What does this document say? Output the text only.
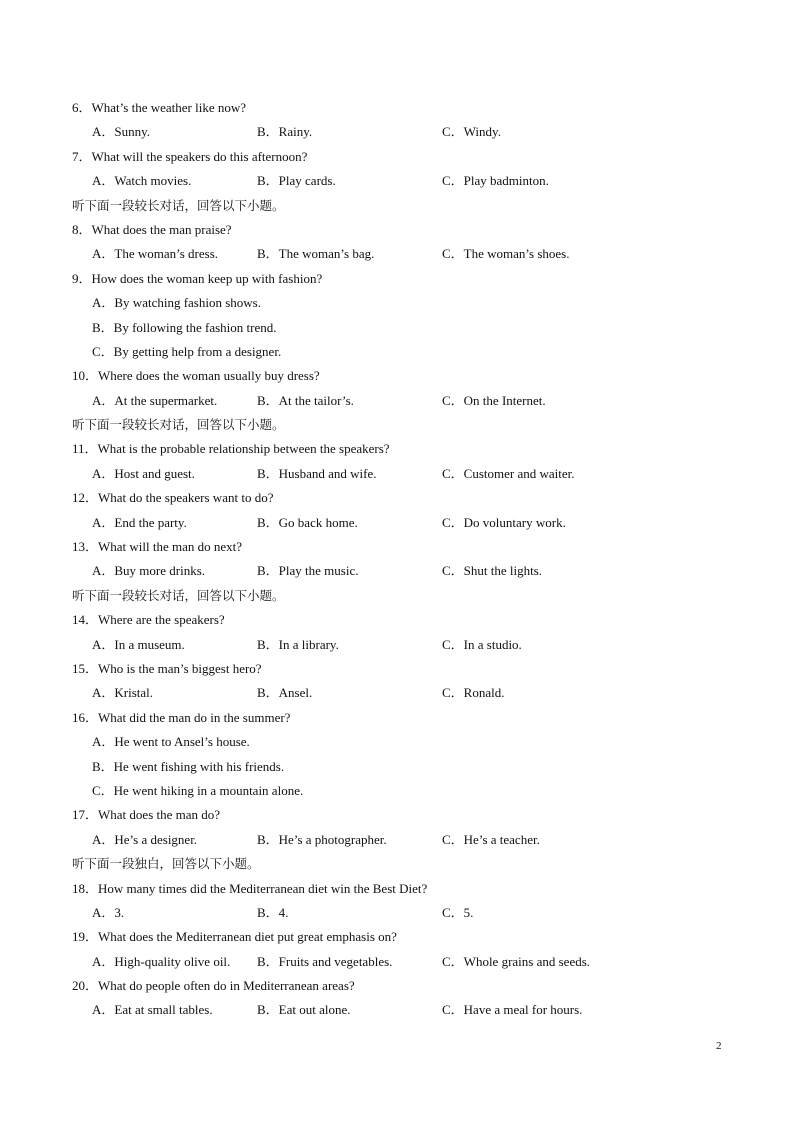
6．What’s the weather like now?
A．Sunny.	B．Rainy.	C．Windy.
7．What will the speakers do this afternoon?
A．Watch movies.	B．Play cards.	C．Play badminton.
听下面一段较长对话，回答以下小题。
8．What does the man praise?
A．The woman’s dress.	B．The woman’s bag.	C．The woman’s shoes.
9．How does the woman keep up with fashion?
A．By watching fashion shows.
B．By following the fashion trend.
C．By getting help from a designer.
10．Where does the woman usually buy dress?
A．At the supermarket.	B．At the tailor’s.	C．On the Internet.
听下面一段较长对话，回答以下小题。
11．What is the probable relationship between the speakers?
A．Host and guest.	B．Husband and wife.	C．Customer and waiter.
12．What do the speakers want to do?
A．End the party.	B．Go back home.	C．Do voluntary work.
13．What will the man do next?
A．Buy more drinks.	B．Play the music.	C．Shut the lights.
听下面一段较长对话，回答以下小题。
14．Where are the speakers?
A．In a museum.	B．In a library.	C．In a studio.
15．Who is the man’s biggest hero?
A．Kristal.	B．Ansel.	C．Ronald.
16．What did the man do in the summer?
A．He went to Ansel’s house.
B．He went fishing with his friends.
C．He went hiking in a mountain alone.
17．What does the man do?
A．He’s a designer.	B．He’s a photographer.	C．He’s a teacher.
听下面一段独白，回答以下小题。
18．How many times did the Mediterranean diet win the Best Diet?
A．3.	B．4.	C．5.
19．What does the Mediterranean diet put great emphasis on?
A．High-quality olive oil. B．Fruits and vegetables.	C．Whole grains and seeds.
20．What do people often do in Mediterranean areas?
A．Eat at small tables.	B．Eat out alone.	C．Have a meal for hours.
2
